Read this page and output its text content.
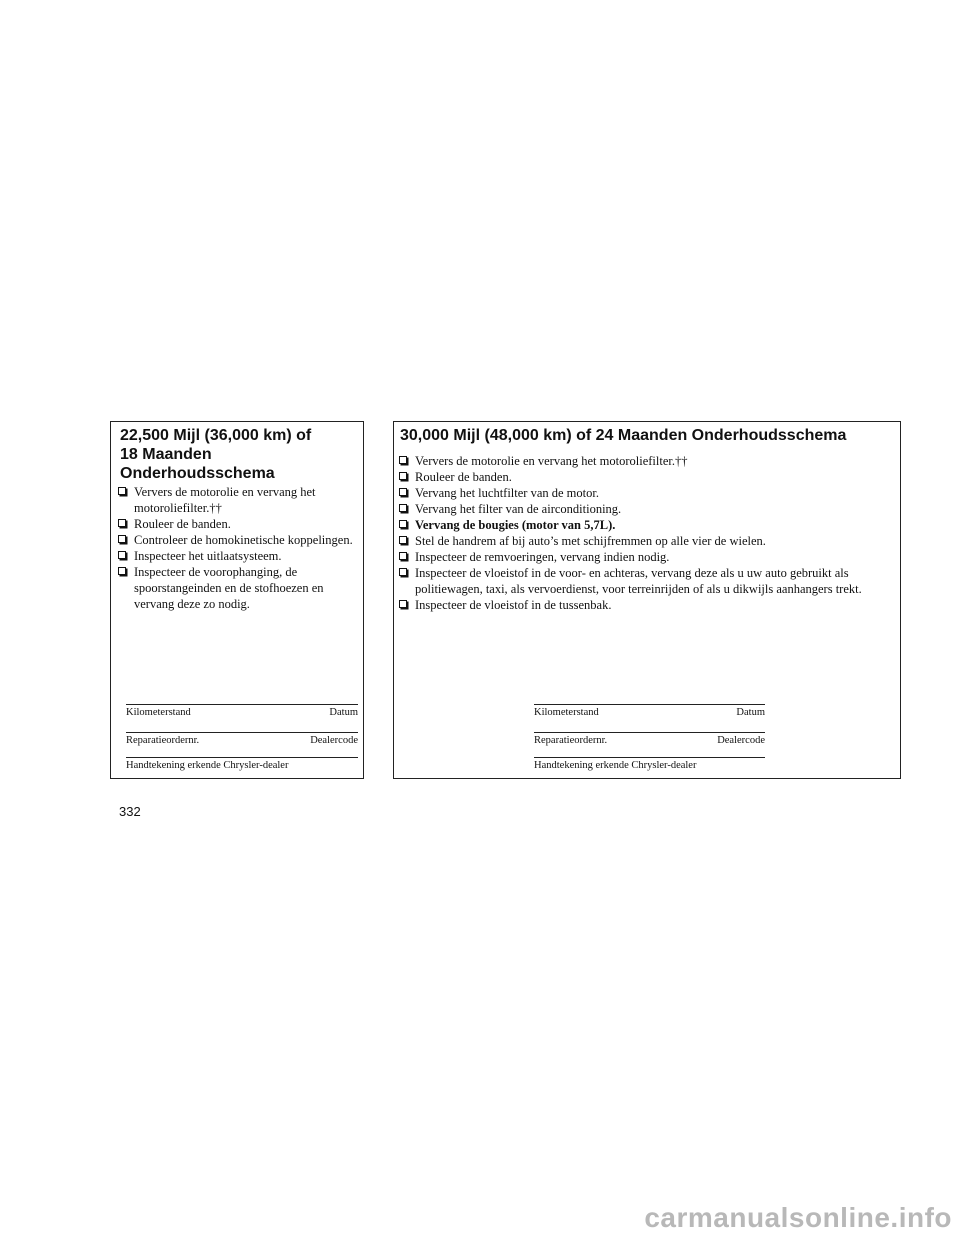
22,500 Mijl (36,000 km) of
18 Maanden
Onderhoudsschema
Ververs de motorolie en vervang het motoroliefilter.††
Rouleer de banden.
Controleer de homokinetische koppelingen.
Inspecteer het uitlaatsysteem.
Inspecteer de voorophanging, de spoorstangeinden en de stofhoezen en vervang deze zo nodig.
Kilometerstand	Datum
Reparatieordernr.	Dealercode
Handtekening erkende Chrysler-dealer
30,000 Mijl (48,000 km) of 24 Maanden Onderhoudsschema
Ververs de motorolie en vervang het motoroliefilter.††
Rouleer de banden.
Vervang het luchtfilter van de motor.
Vervang het filter van de airconditioning.
Vervang de bougies (motor van 5,7L).
Stel de handrem af bij auto’s met schijfremmen op alle vier de wielen.
Inspecteer de remvoeringen, vervang indien nodig.
Inspecteer de vloeistof in de voor- en achteras, vervang deze als u uw auto gebruikt als politiewagen, taxi, als vervoerdienst, voor terreinrijden of als u dikwijls aanhangers trekt.
Inspecteer de vloeistof in de tussenbak.
Kilometerstand	Datum
Reparatieordernr.	Dealercode
Handtekening erkende Chrysler-dealer
332
carmanualsonline.info
